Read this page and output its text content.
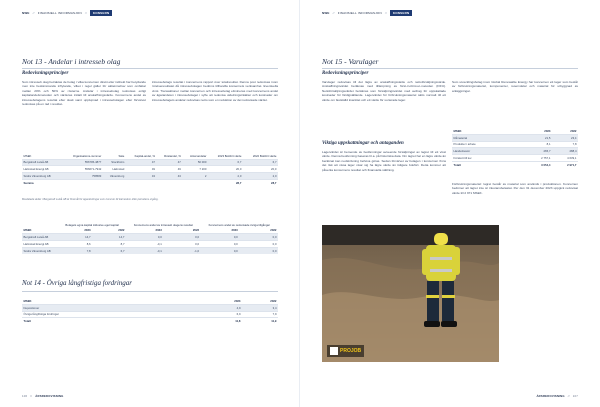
NWE // FINANSIELL INFORMASJON //	KONSERN
Not 13 - Andelar i intresseb olag
Redovisningsprinciper
Som intresseb olag betraktas de bolag i vilka koncernen direkt eller indirekt har betydande men inte bestämmande inflytande, vilket i regel gäller för aktieinnehav som omfattar mellan 20% och 50% av rösterna. Andelar i intressebolag redovisas enligt kapitalandelsmetoden och värderas initialt till anskaffningsvärde. Koncernens andel av intressebolagens resultat efter skatt samt upplupnad i intressebolagen efter förvärvet redovisas på en rad i resultat-
intressebolags resultat i koncernens rapport över totalresultat. Denna post redovisas inom rörelseresultatet då intressebolagen bedöms tillhandla konsernets verksamhet. Eventuella vinst. Transaktioner mellan koncernen och intressebolag elimineras med koncernens andel av ägarandelen i intressebolaget i syfte att redovisa utdelningsintäkter och kostnader om intressebolagets andelar redovisas netto som en reduktion av det redovisade värdet.
MSEK	Organisations-nummer	Säte	Kapital-andel, %	Röstandel, %	Antal andelar	2023 Bokfört värde	2022 Bokfört värde
Bergskraft Luleå AB	556795-4877	Stockholm	47	47	50 000	6,7	6,7
Halmstad Energi AB	556671-7942	Halmstad	49	49	7 200	20,0	20,0
Södra Vänersborg AB	758583	Vänersborg	43	43	2	2,0	2,0
Summa						28,7	28,7
Bosdelade aktier i Bergskraft Luleå AB är föremål för ägarändringar som kommer till kännedom efter periodens utgång.
	Bolagets egna kapital inklusive eget kapital		Koncernens andel av intresseb olagens resultat		Koncernens andel av redovisade övriga tillgångar	
MSEK	2023	2022	2023	2022	2023	2022
Bergskraft Luleå AB	14,7	14,7	0,0	0,0	0,0	0,0
Halmstad Energi AB	8,6	8,7	-0,1	0,0	0,0	0,0
Södra Vänersborg AB	7,8	6,7	-0,1	-1,0	0,0	0,0
Not 14 - Övriga långfristiga fordringar
MSEK	2023	2022
Depositioner	4,9	3,4
Övriga långfristiga fordringar	6,9	7,9
Totalt	11,8	11,9
106 // ÅRSREDOVISNING
NWE // FINANSIELL INFORMASJON //	KONSERN
Not 15 - Varulager
Redovisningsprinciper
Varulager redovisas till det lägre av anskaffningsvärde och nettoförsäljningsvärde. Anskaffningsvärdet beräknas med tillämpning av först-in-först-ut-metoden (FIFU). Nettoförsäljningsvärdet beräknas som försäljningsvärdet med avdrag för uppskattade kostnader för färdigställande. Lagervärdet för förbrukningsmateriel sätts normalt till ett värde om fastställd kvantitet och ett värde för sorterade lager.
Viktiga uppskattningar och antaganden
Lagervärdet är beroende av bedömningar avseende försäljningar av lagret till ett visst värde. Denna bedömning baseras bl.a. på historiska data. Om lagret har en lägre värde än beräknat kan nedskrivning behöva göras. Sedan förvärvet av bolagen i koncernen finns det risk att vissa lager visar sig ha lägre värde än tidigare bokfört. Detta kommer att påverka koncernens resultat och finansiella ställning.
Som utvecklingsbolag inom Global Renewable Energy har koncernen ett lager som består av förbrukningsmateriel, komponenter, reservdelar och material för utbyggnad av anläggningar.
MSEK	2023	2022
Råmaterial	21,5	23,4
Produkter i arbete	8,1	7,8
Handelsvaror	265,7	288,4
Förskott till lev.	2 757,1	4 639,1
Totalt	3 054,4	2 971,7
Förbrukningsmateriel: lagret består av material som används i produktionen. Koncernen bedömer att lagret inte är inkuransbelastat. Per den 31 december 2023 uppgick redovisat värde till 2 971 MSEK.
PROJOB
ÅRSREDOVISNING // 107
